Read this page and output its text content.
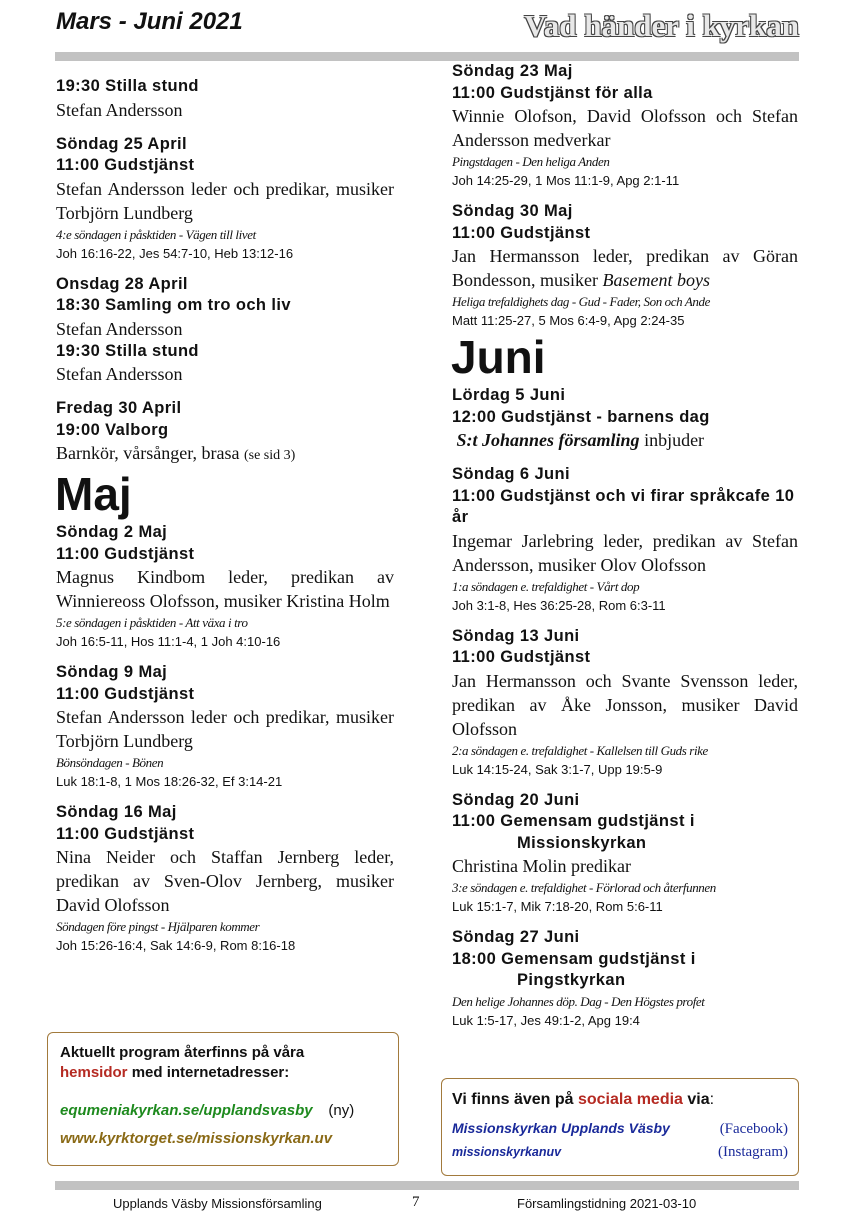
Mars - Juni 2021	Vad händer i kyrkan
19:30 Stilla stund
Stefan Andersson
Söndag 25 April
11:00 Gudstjänst
Stefan Andersson leder och predikar, musiker Torbjörn Lundberg
4:e söndagen i påsktiden - Vägen till livet
Joh 16:16-22, Jes 54:7-10, Heb 13:12-16
Onsdag 28 April
18:30 Samling om tro och liv
Stefan Andersson
19:30 Stilla stund
Stefan Andersson
Fredag 30 April
19:00 Valborg
Barnkör, vårsånger, brasa (se sid 3)
Maj
Söndag 2 Maj
11:00 Gudstjänst
Magnus Kindbom leder, predikan av Winniereoss Olofsson, musiker Kristina Holm
5:e söndagen i påsktiden - Att växa i tro
Joh 16:5-11, Hos 11:1-4, 1 Joh 4:10-16
Söndag 9 Maj
11:00 Gudstjänst
Stefan Andersson leder och predikar, musiker Torbjörn Lundberg
Bönsöndagen - Bönen
Luk 18:1-8, 1 Mos 18:26-32, Ef 3:14-21
Söndag 16 Maj
11:00 Gudstjänst
Nina Neider och Staffan Jernberg leder, predikan av Sven-Olov Jernberg, musiker David Olofsson
Söndagen före pingst - Hjälparen kommer
Joh 15:26-16:4, Sak 14:6-9, Rom 8:16-18
Söndag 23 Maj
11:00 Gudstjänst för alla
Winnie Olofson, David Olofsson och Stefan Andersson medverkar
Pingstdagen - Den heliga Anden
Joh 14:25-29, 1 Mos 11:1-9, Apg 2:1-11
Söndag 30 Maj
11:00 Gudstjänst
Jan Hermansson leder, predikan av Göran Bondesson, musiker Basement boys
Heliga trefaldighets dag - Gud - Fader, Son och Ande
Matt 11:25-27, 5 Mos 6:4-9, Apg 2:24-35
Juni
Lördag 5 Juni
12:00 Gudstjänst - barnens dag
S:t Johannes församling inbjuder
Söndag 6 Juni
11:00 Gudstjänst och vi firar språkcafe 10 år
Ingemar Jarlebring leder, predikan av Stefan Andersson, musiker Olov Olofsson
1:a söndagen e. trefaldighet - Vårt dop
Joh 3:1-8, Hes 36:25-28, Rom 6:3-11
Söndag 13 Juni
11:00 Gudstjänst
Jan Hermansson och Svante Svensson leder, predikan av Åke Jonsson, musiker David Olofsson
2:a söndagen e. trefaldighet - Kallelsen till Guds rike
Luk 14:15-24, Sak 3:1-7, Upp 19:5-9
Söndag 20 Juni
11:00 Gemensam gudstjänst i
Missionskyrkan
Christina Molin predikar
3:e söndagen e. trefaldighet - Förlorad och återfunnen
Luk 15:1-7, Mik 7:18-20, Rom 5:6-11
Söndag 27 Juni
18:00 Gemensam gudstjänst i
Pingstkyrkan
Den helige Johannes döp. Dag - Den Högstes profet
Luk 1:5-17, Jes 49:1-2, Apg 19:4
Aktuellt program återfinns på våra
hemsidor med internetadresser:
equmeniakyrkan.se/upplandsvasby (ny)
www.kyrktorget.se/missionskyrkan.uv
Vi finns även på sociala media via:
Missionskyrkan Upplands Väsby	(Facebook)
missionskyrkanuv	(Instagram)
Upplands Väsby Missionsförsamling	7	Församlingstidning 2021-03-10
